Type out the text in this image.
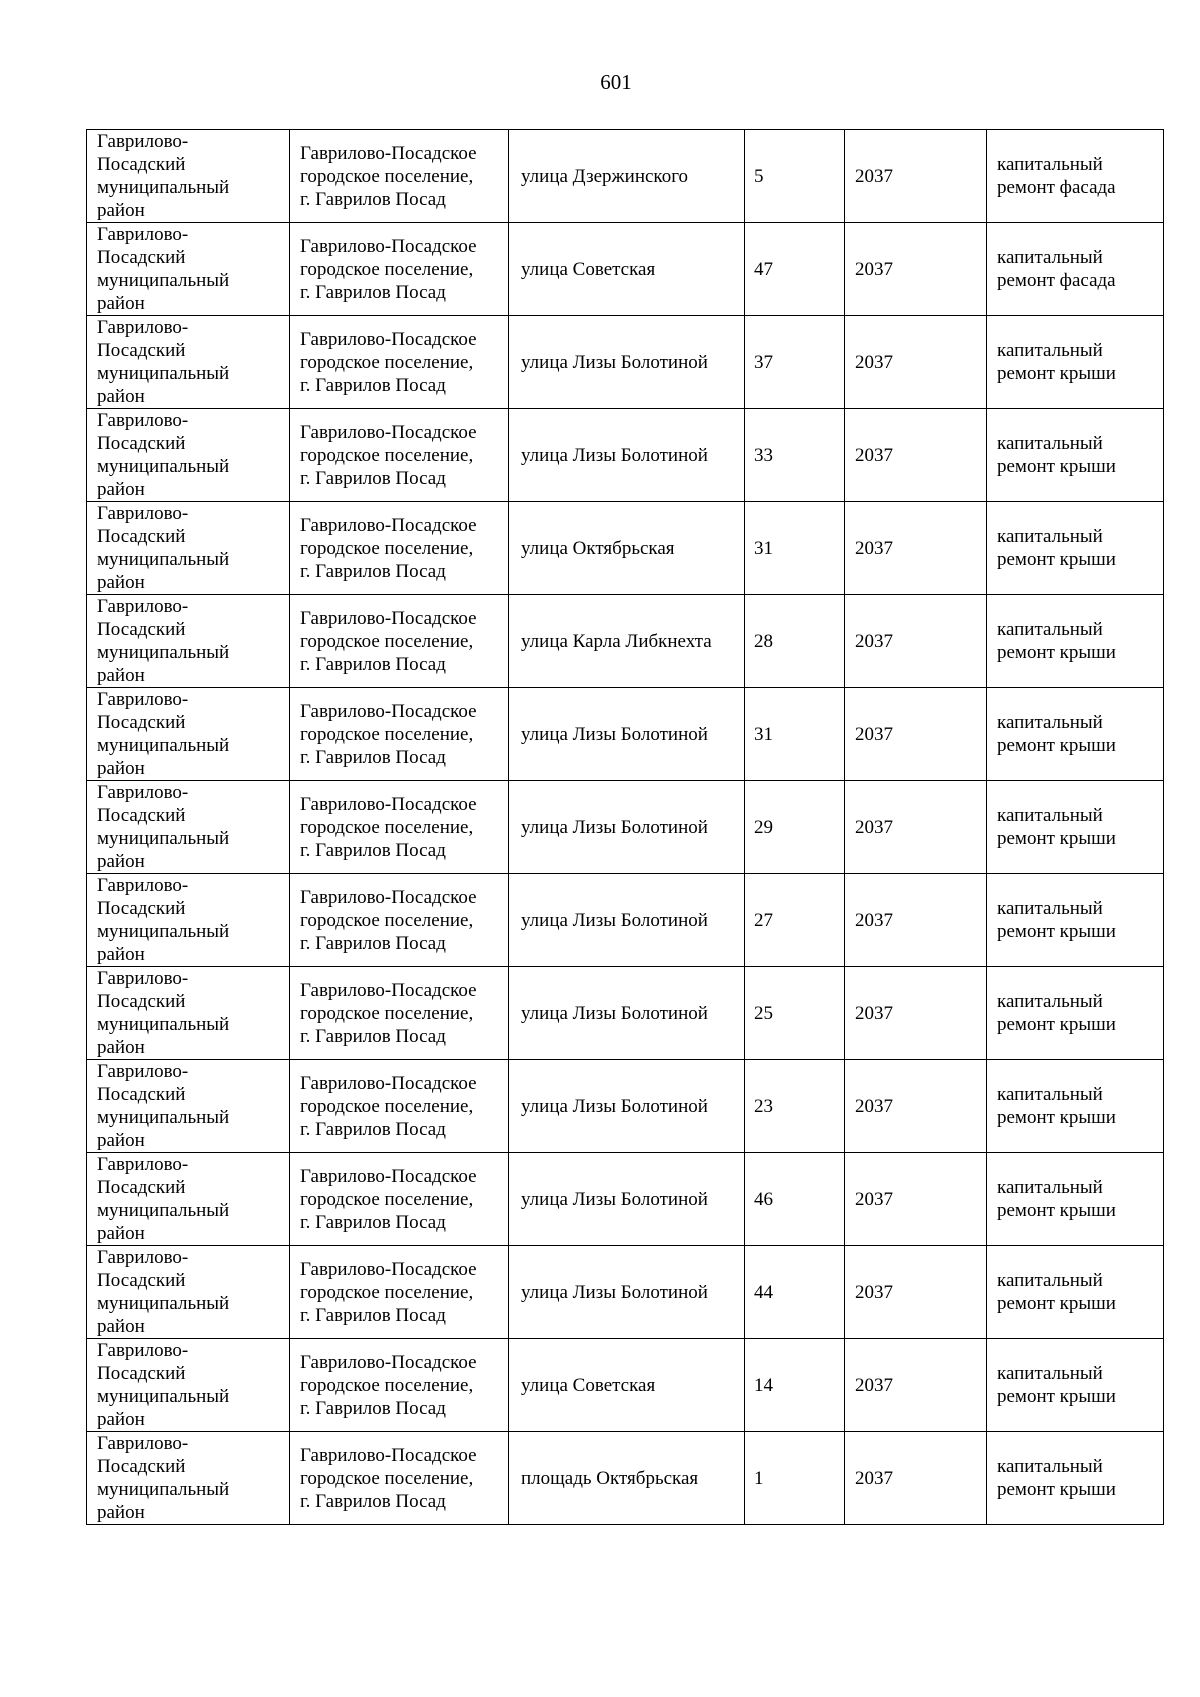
601
Гаврилово-
Посадский
муниципальный
район	Гаврилово-Посадское
городское поселение,
г. Гаврилов Посад	улица Дзержинского	5	2037	капитальный
ремонт фасада

Гаврилово-
Посадский
муниципальный
район	Гаврилово-Посадское
городское поселение,
г. Гаврилов Посад	улица Советская	47	2037	капитальный
ремонт фасада

Гаврилово-
Посадский
муниципальный
район	Гаврилово-Посадское
городское поселение,
г. Гаврилов Посад	улица Лизы Болотиной	37	2037	капитальный
ремонт крыши

Гаврилово-
Посадский
муниципальный
район	Гаврилово-Посадское
городское поселение,
г. Гаврилов Посад	улица Лизы Болотиной	33	2037	капитальный
ремонт крыши

Гаврилово-
Посадский
муниципальный
район	Гаврилово-Посадское
городское поселение,
г. Гаврилов Посад	улица Октябрьская	31	2037	капитальный
ремонт крыши

Гаврилово-
Посадский
муниципальный
район	Гаврилово-Посадское
городское поселение,
г. Гаврилов Посад	улица Карла Либкнехта	28	2037	капитальный
ремонт крыши

Гаврилово-
Посадский
муниципальный
район	Гаврилово-Посадское
городское поселение,
г. Гаврилов Посад	улица Лизы Болотиной	31	2037	капитальный
ремонт крыши

Гаврилово-
Посадский
муниципальный
район	Гаврилово-Посадское
городское поселение,
г. Гаврилов Посад	улица Лизы Болотиной	29	2037	капитальный
ремонт крыши

Гаврилово-
Посадский
муниципальный
район	Гаврилово-Посадское
городское поселение,
г. Гаврилов Посад	улица Лизы Болотиной	27	2037	капитальный
ремонт крыши

Гаврилово-
Посадский
муниципальный
район	Гаврилово-Посадское
городское поселение,
г. Гаврилов Посад	улица Лизы Болотиной	25	2037	капитальный
ремонт крыши

Гаврилово-
Посадский
муниципальный
район	Гаврилово-Посадское
городское поселение,
г. Гаврилов Посад	улица Лизы Болотиной	23	2037	капитальный
ремонт крыши

Гаврилово-
Посадский
муниципальный
район	Гаврилово-Посадское
городское поселение,
г. Гаврилов Посад	улица Лизы Болотиной	46	2037	капитальный
ремонт крыши

Гаврилово-
Посадский
муниципальный
район	Гаврилово-Посадское
городское поселение,
г. Гаврилов Посад	улица Лизы Болотиной	44	2037	капитальный
ремонт крыши

Гаврилово-
Посадский
муниципальный
район	Гаврилово-Посадское
городское поселение,
г. Гаврилов Посад	улица Советская	14	2037	капитальный
ремонт крыши

Гаврилово-
Посадский
муниципальный
район	Гаврилово-Посадское
городское поселение,
г. Гаврилов Посад	площадь Октябрьская	1	2037	капитальный
ремонт крыши
